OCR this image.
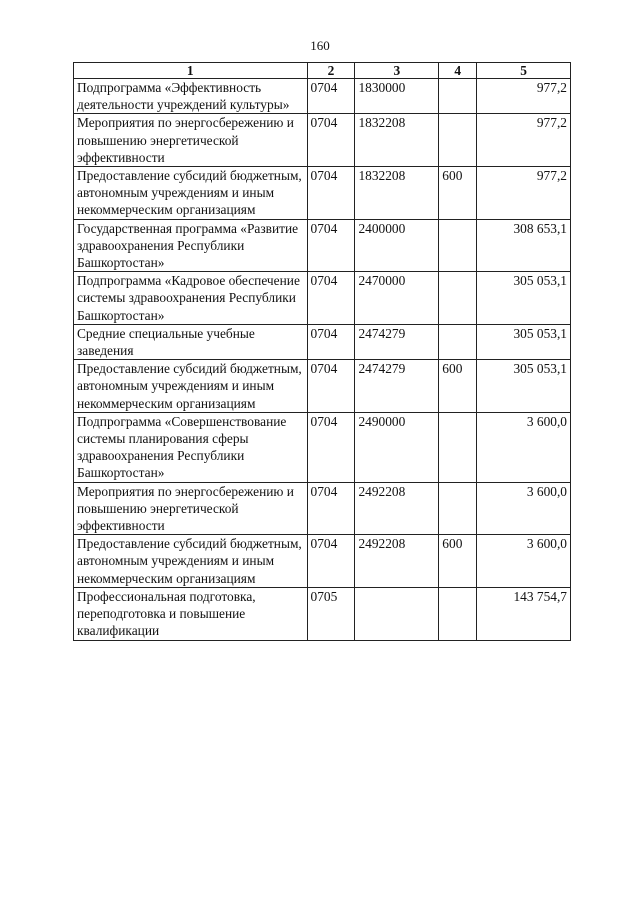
160
1	2	3	4	5
Подпрограмма «Эффективность деятельности учреждений культуры»	0704	1830000		977,2
Мероприятия по энергосбережению и повышению энергетической эффективности	0704	1832208		977,2
Предоставление субсидий бюджетным, автономным учреждениям и иным некоммерческим организациям	0704	1832208	600	977,2
Государственная программа «Развитие здравоохранения Республики Башкортостан»	0704	2400000		308 653,1
Подпрограмма «Кадровое обеспечение системы здравоохранения Республики Башкортостан»	0704	2470000		305 053,1
Средние специальные учебные заведения	0704	2474279		305 053,1
Предоставление субсидий бюджетным, автономным учреждениям и иным некоммерческим организациям	0704	2474279	600	305 053,1
Подпрограмма «Совершенствование системы планирования сферы здравоохранения Республики Башкортостан»	0704	2490000		3 600,0
Мероприятия по энергосбережению и повышению энергетической эффективности	0704	2492208		3 600,0
Предоставление субсидий бюджетным, автономным учреждениям и иным некоммерческим организациям	0704	2492208	600	3 600,0
Профессиональная подготовка, переподготовка и повышение квалификации	0705			143 754,7
